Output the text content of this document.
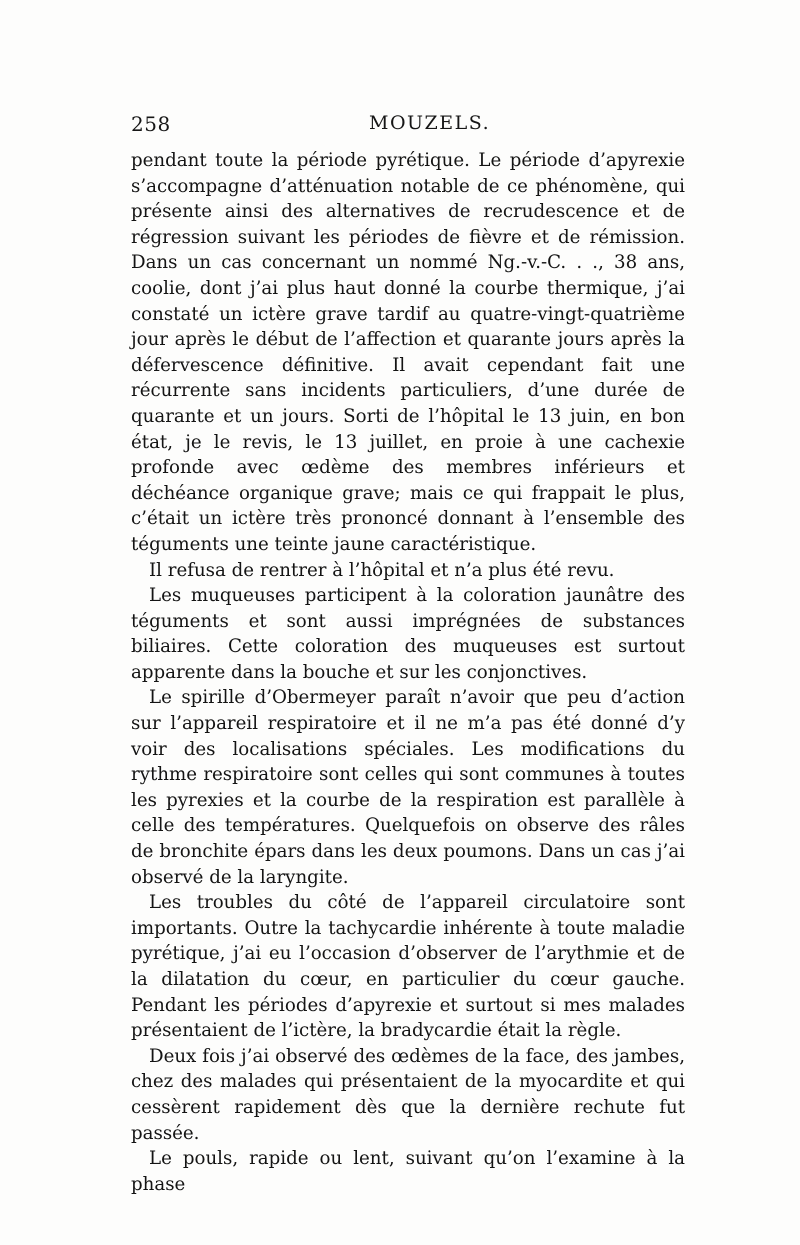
258	MOUZELS.

pendant toute la période pyrétique. Le période d’apyrexie s’accompagne d’atténuation notable de ce phénomène, qui présente ainsi des alternatives de recrudescence et de régression suivant les périodes de fièvre et de rémission. Dans un cas concernant un nommé Ng.-v.-C. . ., 38 ans, coolie, dont j’ai plus haut donné la courbe thermique, j’ai constaté un ictère grave tardif au quatre-vingt-quatrième jour après le début de l’affection et quarante jours après la défervescence définitive. Il avait cependant fait une récurrente sans incidents particuliers, d’une durée de quarante et un jours. Sorti de l’hôpital le 13 juin, en bon état, je le revis, le 13 juillet, en proie à une cachexie profonde avec œdème des membres inférieurs et déchéance organique grave; mais ce qui frappait le plus, c’était un ictère très prononcé donnant à l’ensemble des téguments une teinte jaune caractéristique.

Il refusa de rentrer à l’hôpital et n’a plus été revu.

Les muqueuses participent à la coloration jaunâtre des téguments et sont aussi imprégnées de substances biliaires. Cette coloration des muqueuses est surtout apparente dans la bouche et sur les conjonctives.

Le spirille d’Obermeyer paraît n’avoir que peu d’action sur l’appareil respiratoire et il ne m’a pas été donné d’y voir des localisations spéciales. Les modifications du rythme respiratoire sont celles qui sont communes à toutes les pyrexies et la courbe de la respiration est parallèle à celle des températures. Quelquefois on observe des râles de bronchite épars dans les deux poumons. Dans un cas j’ai observé de la laryngite.

Les troubles du côté de l’appareil circulatoire sont importants. Outre la tachycardie inhérente à toute maladie pyrétique, j’ai eu l’occasion d’observer de l’arythmie et de la dilatation du cœur, en particulier du cœur gauche. Pendant les périodes d’apyrexie et surtout si mes malades présentaient de l’ictère, la bradycardie était la règle.

Deux fois j’ai observé des œdèmes de la face, des jambes, chez des malades qui présentaient de la myocardite et qui cessèrent rapidement dès que la dernière rechute fut passée.

Le pouls, rapide ou lent, suivant qu’on l’examine à la phase
